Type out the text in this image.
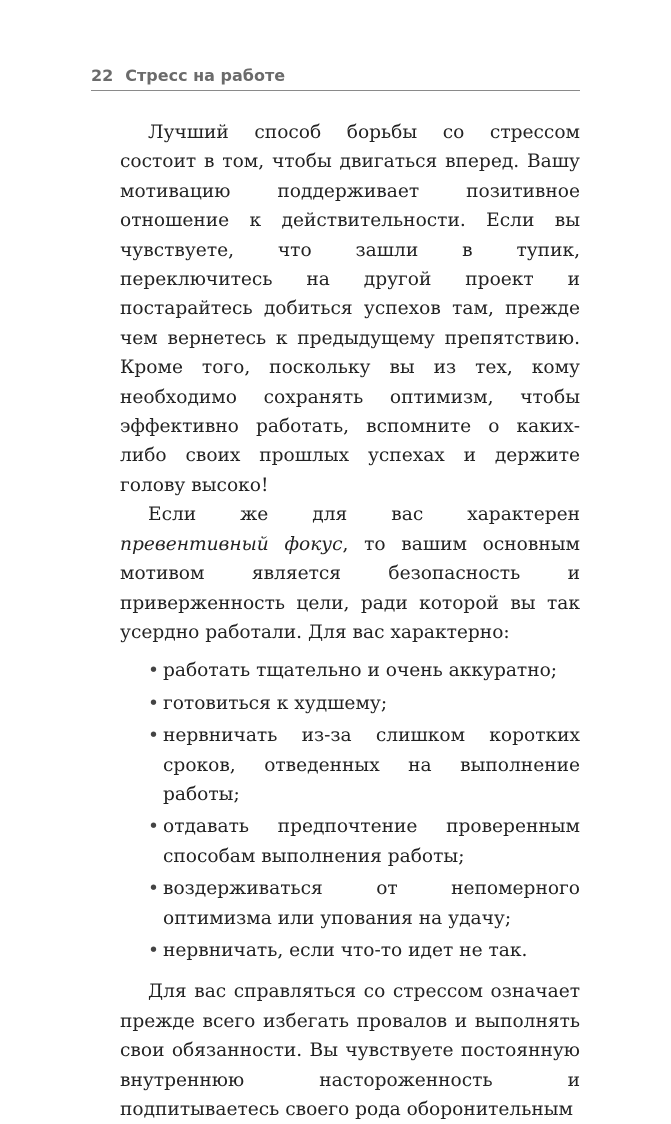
22 Стресс на работе

Лучший способ борьбы со стрессом состоит в том, чтобы двигаться вперед. Вашу мотивацию поддерживает позитивное отношение к действительности. Если вы чувствуете, что зашли в тупик, переключитесь на другой проект и постарайтесь добиться успехов там, прежде чем вернетесь к предыдущему препятствию. Кроме того, поскольку вы из тех, кому необходимо сохранять оптимизм, чтобы эффективно работать, вспомните о каких-либо своих прошлых успехах и держите голову высоко!

Если же для вас характерен превентивный фокус, то вашим основным мотивом является безопасность и приверженность цели, ради которой вы так усердно работали. Для вас характерно:

• работать тщательно и очень аккуратно;
• готовиться к худшему;
• нервничать из-за слишком коротких сроков, отведенных на выполнение работы;
• отдавать предпочтение проверенным способам выполнения работы;
• воздерживаться от непомерного оптимизма или упования на удачу;
• нервничать, если что-то идет не так.

Для вас справляться со стрессом означает прежде всего избегать провалов и выполнять свои обязанности. Вы чувствуете постоянную внутреннюю настороженность и подпитываетесь своего рода оборонительным
